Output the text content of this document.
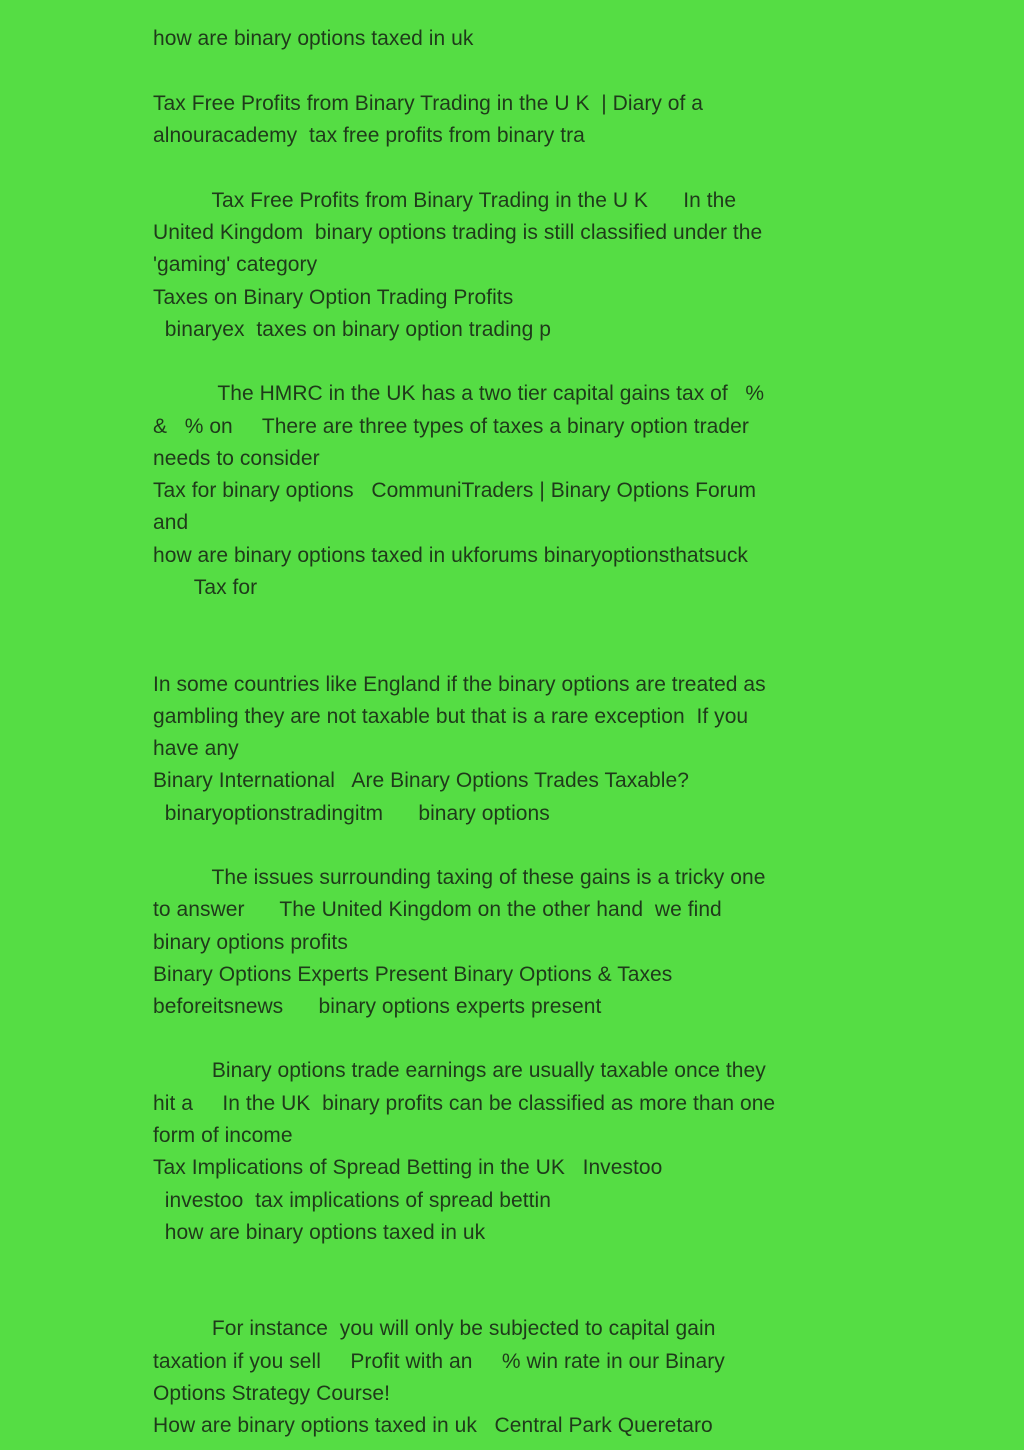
how are binary options taxed in uk
Tax Free Profits from Binary Trading in the U K  | Diary of a
alnouracademy  tax free profits from binary tra
Tax Free Profits from Binary Trading in the U K      In the
United Kingdom  binary options trading is still classified under the
'gaming' category
Taxes on Binary Option Trading Profits
binaryex  taxes on binary option trading p
The HMRC in the UK has a two tier capital gains tax of   %
&   % on     There are three types of taxes a binary option trader
needs to consider
Tax for binary options   CommuniTraders | Binary Options Forum
and
how are binary options taxed in ukforums binaryoptionsthatsuck
Tax for
In some countries like England if the binary options are treated as
gambling they are not taxable but that is a rare exception  If you
have any
Binary International   Are Binary Options Trades Taxable?
binaryoptionstradingitm      binary options
The issues surrounding taxing of these gains is a tricky one
to answer      The United Kingdom on the other hand  we find
binary options profits
Binary Options Experts Present Binary Options & Taxes
beforeitsnews      binary options experts present
Binary options trade earnings are usually taxable once they
hit a     In the UK  binary profits can be classified as more than one
form of income
Tax Implications of Spread Betting in the UK   Investoo
investoo  tax implications of spread bettin
how are binary options taxed in uk
For instance  you will only be subjected to capital gain
taxation if you sell     Profit with an     % win rate in our Binary
Options Strategy Course!
How are binary options taxed in uk   Central Park Queretaro
